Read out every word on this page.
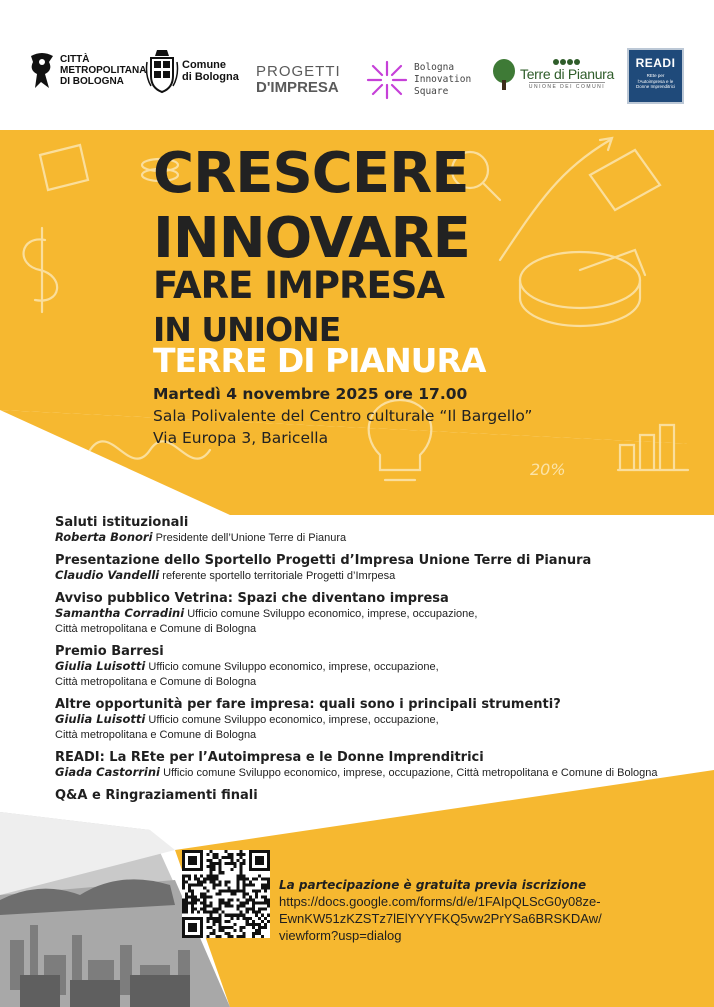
20%
CITTÀ
METROPOLITANA
DI BOLOGNA
Comune
di Bologna PROGETTI
D'IMPRESA
Bologna
Innovation
Square
Terre di Pianura
UNIONE DEI COMUNI
READI
REte per l'Autoimpresa e le Donne Imprenditrici
CRESCERE
INNOVARE
FARE IMPRESA
IN UNIONE
TERRE DI PIANURA
Martedì 4 novembre 2025 ore 17.00
Sala Polivalente del Centro culturale “Il Bargello”
Via Europa 3, Baricella
Saluti istituzionali
Roberta Bonori Presidente dell’Unione Terre di Pianura
Presentazione dello Sportello Progetti d’Impresa Unione Terre di Pianura
Claudio Vandelli referente sportello territoriale Progetti d’Imrpesa
Avviso pubblico Vetrina: Spazi che diventano impresa
Samantha Corradini Ufficio comune Sviluppo economico, imprese, occupazione,
Città metropolitana e Comune di Bologna
Premio Barresi
Giulia Luisotti Ufficio comune Sviluppo economico, imprese, occupazione,
Città metropolitana e Comune di Bologna
Altre opportunità per fare impresa: quali sono i principali strumenti?
Giulia Luisotti Ufficio comune Sviluppo economico, imprese, occupazione,
Città metropolitana e Comune di Bologna
READI: La REte per l’Autoimpresa e le Donne Imprenditrici
Giada Castorrini Ufficio comune Sviluppo economico, imprese, occupazione, Città metropolitana e Comune di Bologna
Q&A e Ringraziamenti finali
La partecipazione è gratuita previa iscrizione
https://docs.google.com/forms/d/e/1FAIpQLScG0y08ze-
EwnKW51zKZSTz7lElYYYFKQ5vw2PrYSa6BRSKDAw/
viewform?usp=dialog
